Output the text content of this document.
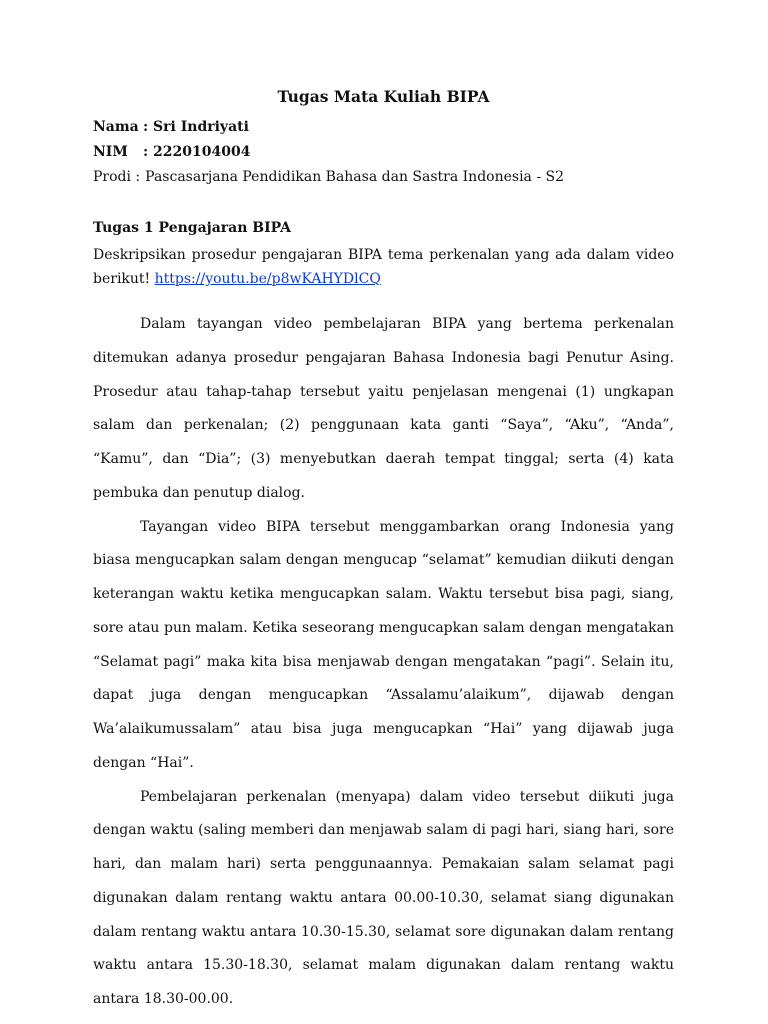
Tugas Mata Kuliah BIPA
Nama : Sri Indriyati
NIM : 2220104004
Prodi : Pascasarjana Pendidikan Bahasa dan Sastra Indonesia - S2
Tugas 1 Pengajaran BIPA
Deskripsikan prosedur pengajaran BIPA tema perkenalan yang ada dalam video berikut! https://youtu.be/p8wKAHYDlCQ

Dalam tayangan video pembelajaran BIPA yang bertema perkenalan ditemukan adanya prosedur pengajaran Bahasa Indonesia bagi Penutur Asing. Prosedur atau tahap-tahap tersebut yaitu penjelasan mengenai (1) ungkapan salam dan perkenalan; (2) penggunaan kata ganti “Saya”, “Aku”, “Anda”, “Kamu”, dan “Dia”; (3) menyebutkan daerah tempat tinggal; serta (4) kata pembuka dan penutup dialog.

Tayangan video BIPA tersebut menggambarkan orang Indonesia yang biasa mengucapkan salam dengan mengucap “selamat” kemudian diikuti dengan keterangan waktu ketika mengucapkan salam. Waktu tersebut bisa pagi, siang, sore atau pun malam. Ketika seseorang mengucapkan salam dengan mengatakan “Selamat pagi” maka kita bisa menjawab dengan mengatakan “pagi”. Selain itu, dapat juga dengan mengucapkan “Assalamu’alaikum”, dijawab dengan Wa’alaikumussalam” atau bisa juga mengucapkan “Hai” yang dijawab juga dengan “Hai”.

Pembelajaran perkenalan (menyapa) dalam video tersebut diikuti juga dengan waktu (saling memberi dan menjawab salam di pagi hari, siang hari, sore hari, dan malam hari) serta penggunaannya. Pemakaian salam selamat pagi digunakan dalam rentang waktu antara 00.00-10.30, selamat siang digunakan dalam rentang waktu antara 10.30-15.30, selamat sore digunakan dalam rentang waktu antara 15.30-18.30, selamat malam digunakan dalam rentang waktu antara 18.30-00.00.
